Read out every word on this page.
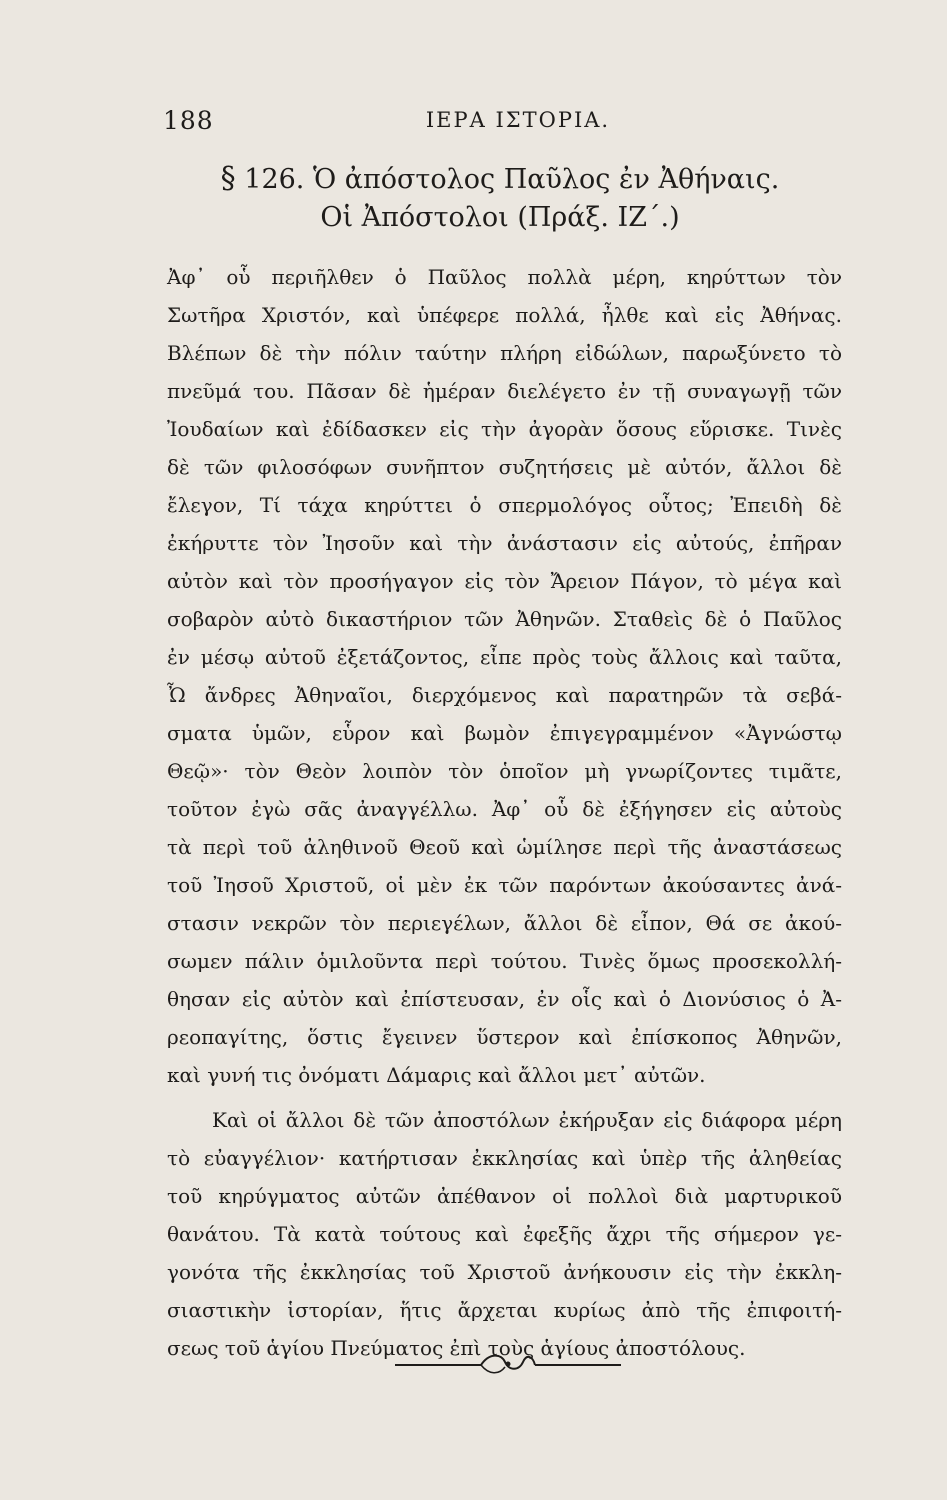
188	ΙΕΡΑ ΙΣΤΟΡΙΑ.
§ 126. Ὁ ἀπόστολος Παῦλος ἐν Ἀθήναις.
Οἱ Ἀπόστολοι (Πράξ. ΙΖ΄.)
Ἀφ᾽ οὗ περιῆλθεν ὁ Παῦλος πολλὰ μέρη, κηρύττων τὸν
Σωτῆρα Χριστόν, καὶ ὑπέφερε πολλά, ἦλθε καὶ εἰς Ἀθήνας.
Βλέπων δὲ τὴν πόλιν ταύτην πλήρη εἰδώλων, παρωξύνετο τὸ
πνεῦμά του. Πᾶσαν δὲ ἡμέραν διελέγετο ἐν τῇ συναγωγῇ τῶν
Ἰουδαίων καὶ ἐδίδασκεν εἰς τὴν ἀγορὰν ὅσους εὕρισκε. Τινὲς
δὲ τῶν φιλοσόφων συνῆπτον συζητήσεις μὲ αὐτόν, ἄλλοι δὲ
ἔλεγον, Τί τάχα κηρύττει ὁ σπερμολόγος οὗτος; Ἐπειδὴ δὲ
ἐκήρυττε τὸν Ἰησοῦν καὶ τὴν ἀνάστασιν εἰς αὐτούς, ἐπῆραν
αὐτὸν καὶ τὸν προσήγαγον εἰς τὸν Ἄρειον Πάγον, τὸ μέγα καὶ
σοβαρὸν αὐτὸ δικαστήριον τῶν Ἀθηνῶν. Σταθεὶς δὲ ὁ Παῦλος
ἐν μέσῳ αὐτοῦ ἐξετάζοντος, εἶπε πρὸς τοὺς ἄλλοις καὶ ταῦτα,
Ὦ ἄνδρες Ἀθηναῖοι, διερχόμενος καὶ παρατηρῶν τὰ σεβά-
σματα ὑμῶν, εὗρον καὶ βωμὸν ἐπιγεγραμμένον «Ἀγνώστῳ
Θεῷ»· τὸν Θεὸν λοιπὸν τὸν ὁποῖον μὴ γνωρίζοντες τιμᾶτε,
τοῦτον ἐγὼ σᾶς ἀναγγέλλω. Ἀφ᾽ οὗ δὲ ἐξήγησεν εἰς αὐτοὺς
τὰ περὶ τοῦ ἀληθινοῦ Θεοῦ καὶ ὡμίλησε περὶ τῆς ἀναστάσεως
τοῦ Ἰησοῦ Χριστοῦ, οἱ μὲν ἐκ τῶν παρόντων ἀκούσαντες ἀνά-
στασιν νεκρῶν τὸν περιεγέλων, ἄλλοι δὲ εἶπον, Θά σε ἀκού-
σωμεν πάλιν ὁμιλοῦντα περὶ τούτου. Τινὲς ὅμως προσεκολλή-
θησαν εἰς αὐτὸν καὶ ἐπίστευσαν, ἐν οἷς καὶ ὁ Διονύσιος ὁ Ἀ-
ρεοπαγίτης, ὅστις ἔγεινεν ὕστερον καὶ ἐπίσκοπος Ἀθηνῶν,
καὶ γυνή τις ὀνόματι Δάμαρις καὶ ἄλλοι μετ᾽ αὐτῶν.
Καὶ οἱ ἄλλοι δὲ τῶν ἀποστόλων ἐκήρυξαν εἰς διάφορα μέρη
τὸ εὐαγγέλιον· κατήρτισαν ἐκκλησίας καὶ ὑπὲρ τῆς ἀληθείας
τοῦ κηρύγματος αὐτῶν ἀπέθανον οἱ πολλοὶ διὰ μαρτυρικοῦ
θανάτου. Τὰ κατὰ τούτους καὶ ἐφεξῆς ἄχρι τῆς σήμερον γε-
γονότα τῆς ἐκκλησίας τοῦ Χριστοῦ ἀνήκουσιν εἰς τὴν ἐκκλη-
σιαστικὴν ἱστορίαν, ἥτις ἄρχεται κυρίως ἀπὸ τῆς ἐπιφοιτή-
σεως τοῦ ἁγίου Πνεύματος ἐπὶ τοὺς ἁγίους ἀποστόλους.
